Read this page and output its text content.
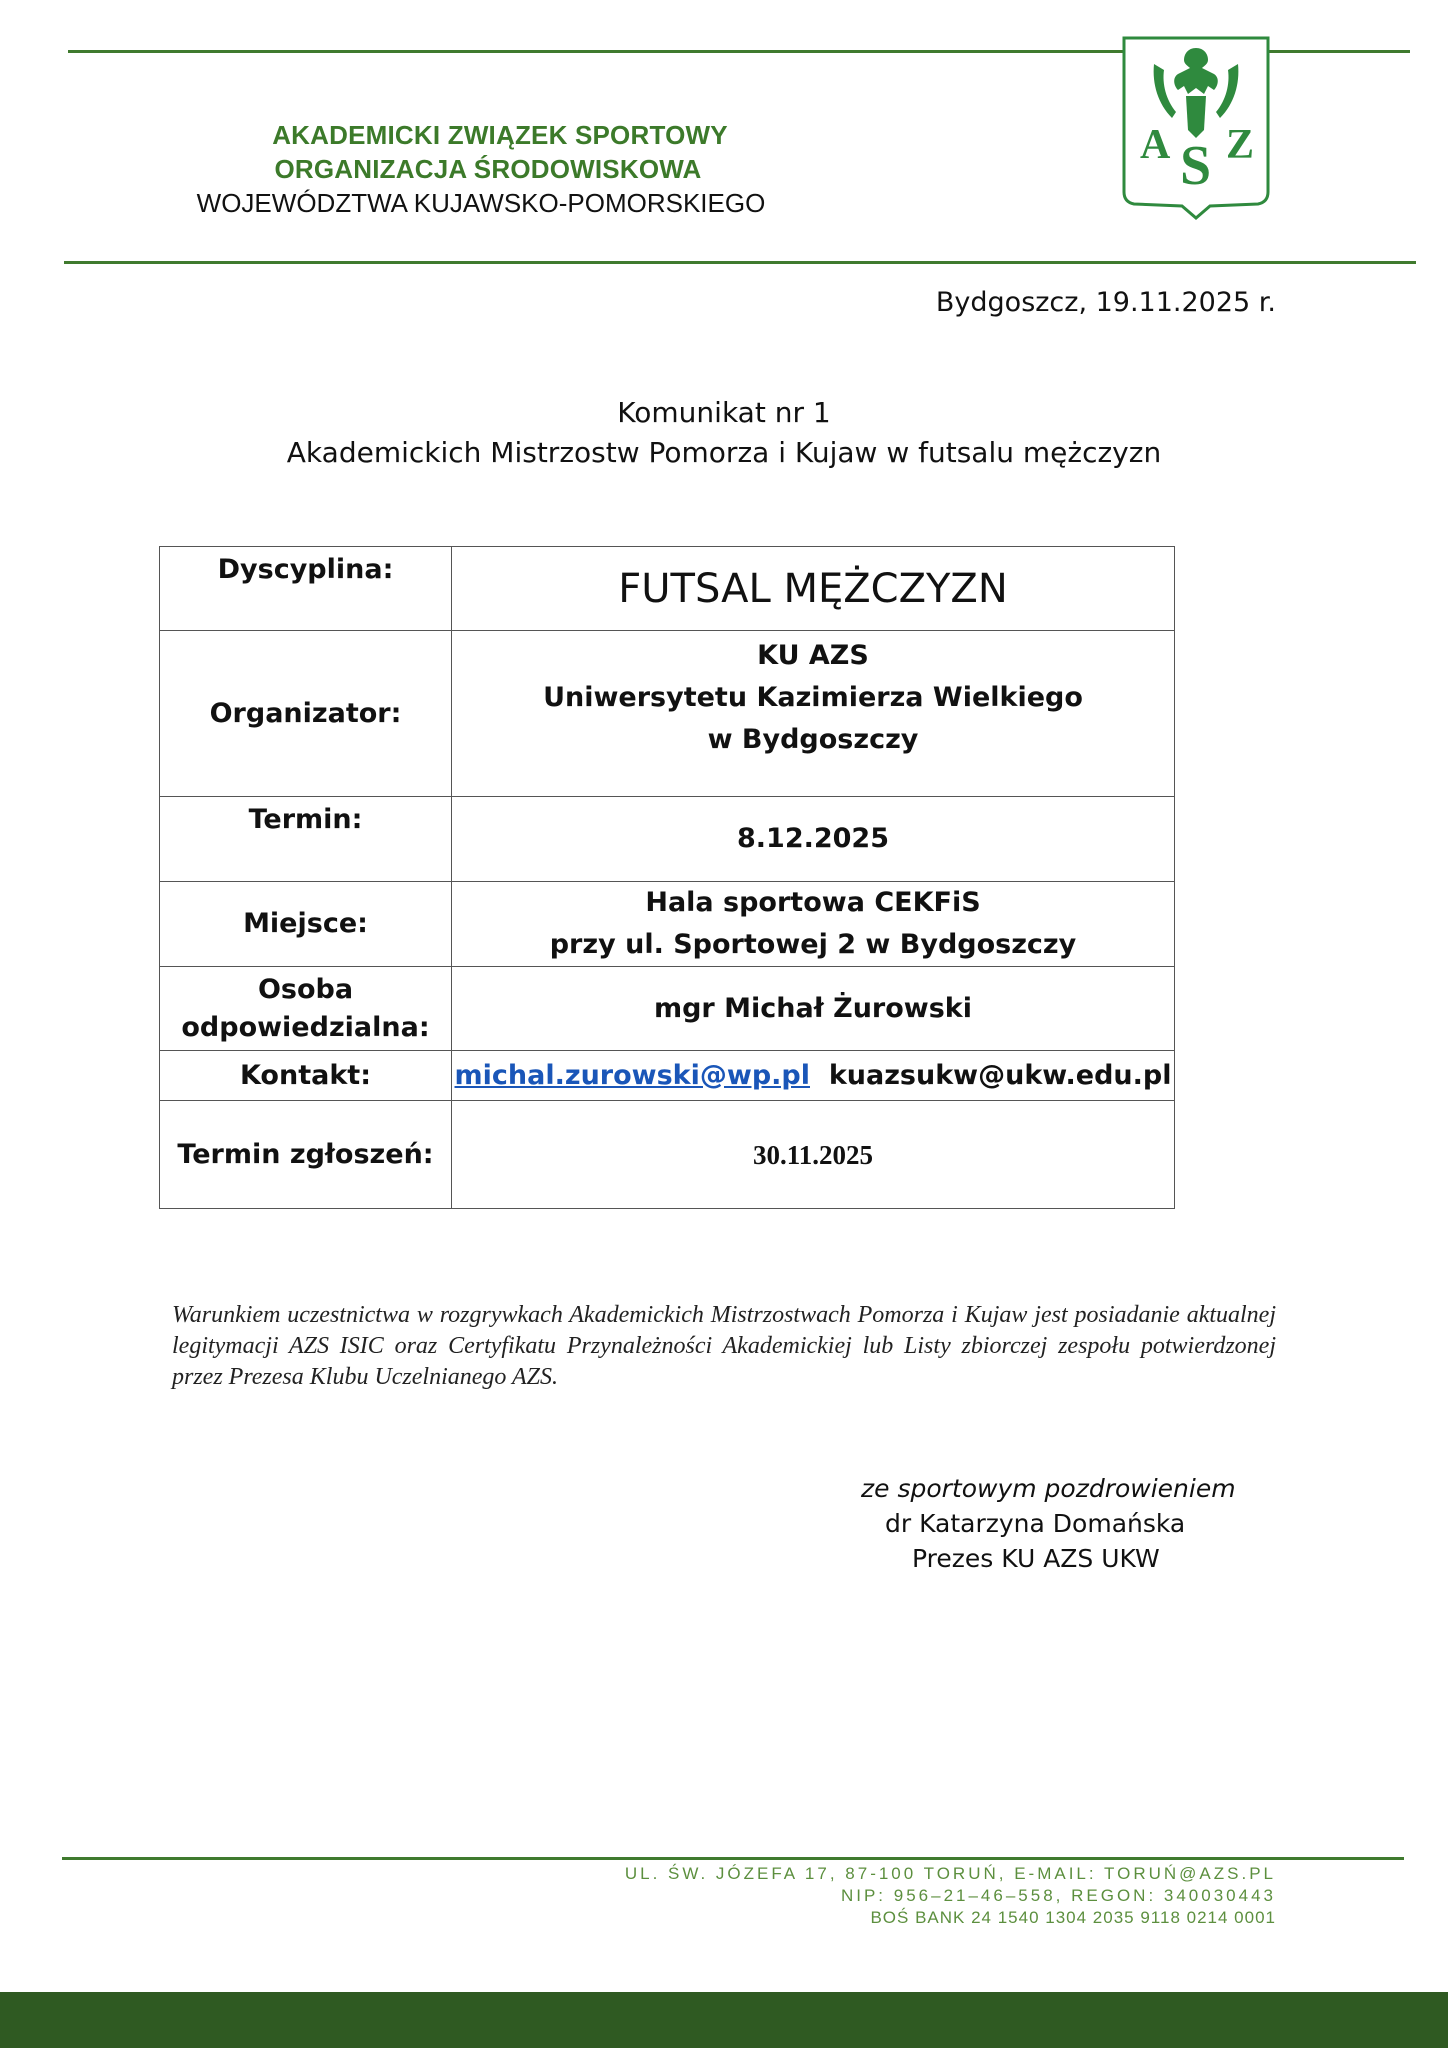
AKADEMICKI ZWIĄZEK SPORTOWY
ORGANIZACJA ŚRODOWISKOWA
WOJEWÓDZTWA KUJAWSKO-POMORSKIEGO
A S Z
Bydgoszcz, 19.11.2025 r.
Komunikat nr 1
Akademickich Mistrzostw Pomorza i Kujaw w futsalu mężczyzn
Dyscyplina:	FUTSAL MĘŻCZYZN
Organizator:	KU AZS
Uniwersytetu Kazimierza Wielkiego
w Bydgoszczy

Termin:	8.12.2025
Miejsce:	Hala sportowa CEKFiS
przy ul. Sportowej 2 w Bydgoszczy

Osoba
odpowiedzialna:	mgr Michał Żurowski
Kontakt:	michal.zurowski@wp.pl kuazsukw@ukw.edu.pl
Termin zgłoszeń:	30.11.2025
Warunkiem uczestnictwa w rozgrywkach Akademickich Mistrzostwach Pomorza i Kujaw jest posiadanie aktualnej legitymacji AZS ISIC oraz Certyfikatu Przynależności Akademickiej lub Listy zbiorczej zespołu potwierdzonej przez Prezesa Klubu Uczelnianego AZS.
ze sportowym pozdrowieniem
dr Katarzyna Domańska
Prezes KU AZS UKW
UL. ŚW. JÓZEFA 17, 87-100 TORUŃ, E-MAIL: TORUŃ@AZS.PL
NIP: 956–21–46–558, REGON: 340030443
BOŚ BANK 24 1540 1304 2035 9118 0214 0001
